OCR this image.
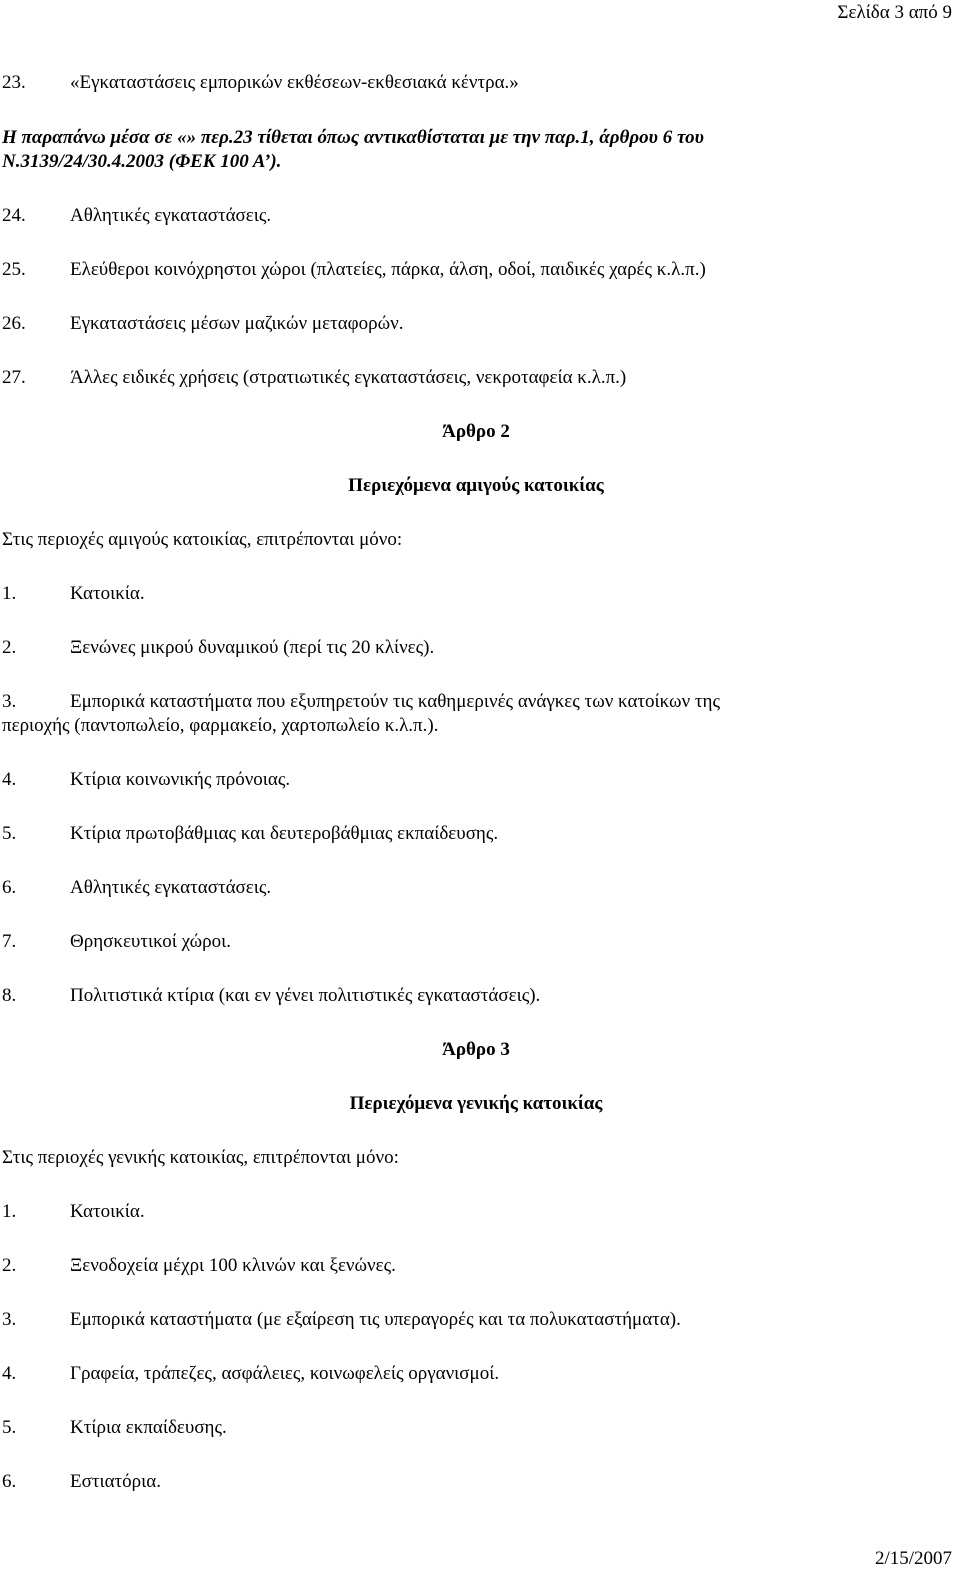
Σελίδα 3 από 9
23. «Εγκαταστάσεις εμπορικών εκθέσεων-εκθεσιακά κέντρα.»
Η παραπάνω μέσα σε «» περ.23 τίθεται όπως αντικαθίσταται με την παρ.1, άρθρου 6 του
Ν.3139/24/30.4.2003 (ΦΕΚ 100 Α’).
24. Αθλητικές εγκαταστάσεις.
25. Ελεύθεροι κοινόχρηστοι χώροι (πλατείες, πάρκα, άλση, οδοί, παιδικές χαρές κ.λ.π.)
26. Εγκαταστάσεις μέσων μαζικών μεταφορών.
27. Άλλες ειδικές χρήσεις (στρατιωτικές εγκαταστάσεις, νεκροταφεία κ.λ.π.)
Άρθρο 2
Περιεχόμενα αμιγούς κατοικίας
Στις περιοχές αμιγούς κατοικίας, επιτρέπονται μόνο:
1.	Κατοικία.
2.	Ξενώνες μικρού δυναμικού (περί τις 20 κλίνες).
3.	Εμπορικά καταστήματα που εξυπηρετούν τις καθημερινές ανάγκες των κατοίκων της
περιοχής (παντοπωλείο, φαρμακείο, χαρτοπωλείο κ.λ.π.).
4.	Κτίρια κοινωνικής πρόνοιας.
5.	Κτίρια πρωτοβάθμιας και δευτεροβάθμιας εκπαίδευσης.
6.	Αθλητικές εγκαταστάσεις.
7.	Θρησκευτικοί χώροι.
8.	Πολιτιστικά κτίρια (και εν γένει πολιτιστικές εγκαταστάσεις).
Άρθρο 3
Περιεχόμενα γενικής κατοικίας
Στις περιοχές γενικής κατοικίας, επιτρέπονται μόνο:
1.	Κατοικία.
2.	Ξενοδοχεία μέχρι 100 κλινών και ξενώνες.
3.	Εμπορικά καταστήματα (με εξαίρεση τις υπεραγορές και τα πολυκαταστήματα).
4.	Γραφεία, τράπεζες, ασφάλειες, κοινωφελείς οργανισμοί.
5.	Κτίρια εκπαίδευσης.
6.	Εστιατόρια.
2/15/2007
